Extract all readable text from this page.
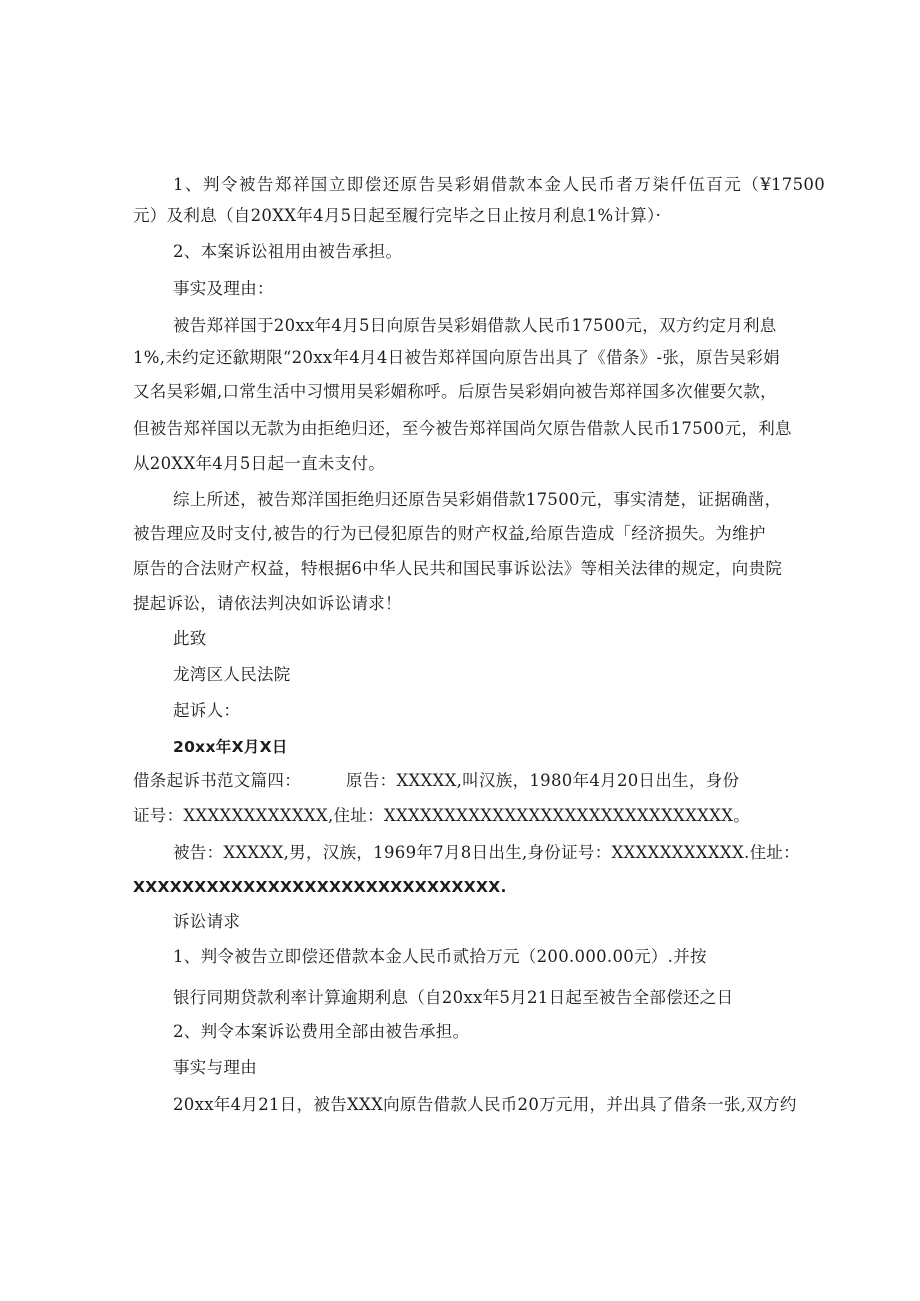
1、判令被告郑祥国立即偿还原告吴彩娟借款本金人民币者万柒仟伍百元（¥17500
元）及利息（自20XX年4月5日起至履行完毕之日止按月利息1%计算）·
2、本案诉讼祖用由被告承担。
事实及理由：
被告郑祥国于20xx年4月5日向原告吴彩娟借款人民币17500元，双方约定月利息
1%,未约定还歙期限“20xx年4月4日被告郑祥国向原告出具了《借条》-张，原告吴彩娟
又名吴彩媚,口常生活中习惯用吴彩媚称呼。后原告吴彩娟向被告郑祥国多次催要欠款，
但被告郑祥国以无款为由拒绝归还，至今被告郑祥国尚欠原告借款人民币17500元，利息
从20XX年4月5日起一直未支付。
综上所述，被告郑洋国拒绝归还原告吴彩娟借款17500元，事实清楚，证据确凿，
被告理应及时支付,被告的行为已侵犯原告的财产权益,给原告造成「经济损失。为维护
原告的合法财产权益，特根据6中华人民共和国民事诉讼法》等相关法律的规定，向贵院
提起诉讼，请依法判决如诉讼请求！
此致
龙湾区人民法院
起诉人：
20xx年X月X日
借条起诉书范文篇四：	原告：XXXXX,叫汉族，1980年4月20日出生，身份
证号：XXXXXXXXXXXX,住址：XXXXXXXXXXXXXXXXXXXXXXXXXXXXX。
被告：XXXXX,男，汉族，1969年7月8日出生,身份证号：XXXXXXXXXXX.住址：
XXXXXXXXXXXXXXXXXXXXXXXXXXXXXX.
诉讼请求
1、判令被告立即偿还借款本金人民币贰拾万元（200.000.00元）.并按
银行同期贷款利率计算逾期利息（自20xx年5月21日起至被告全部偿还之日
2、判令本案诉讼费用全部由被告承担。
事实与理由
20xx年4月21日，被告XXX向原告借款人民币20万元用，并出具了借条一张,双方约
